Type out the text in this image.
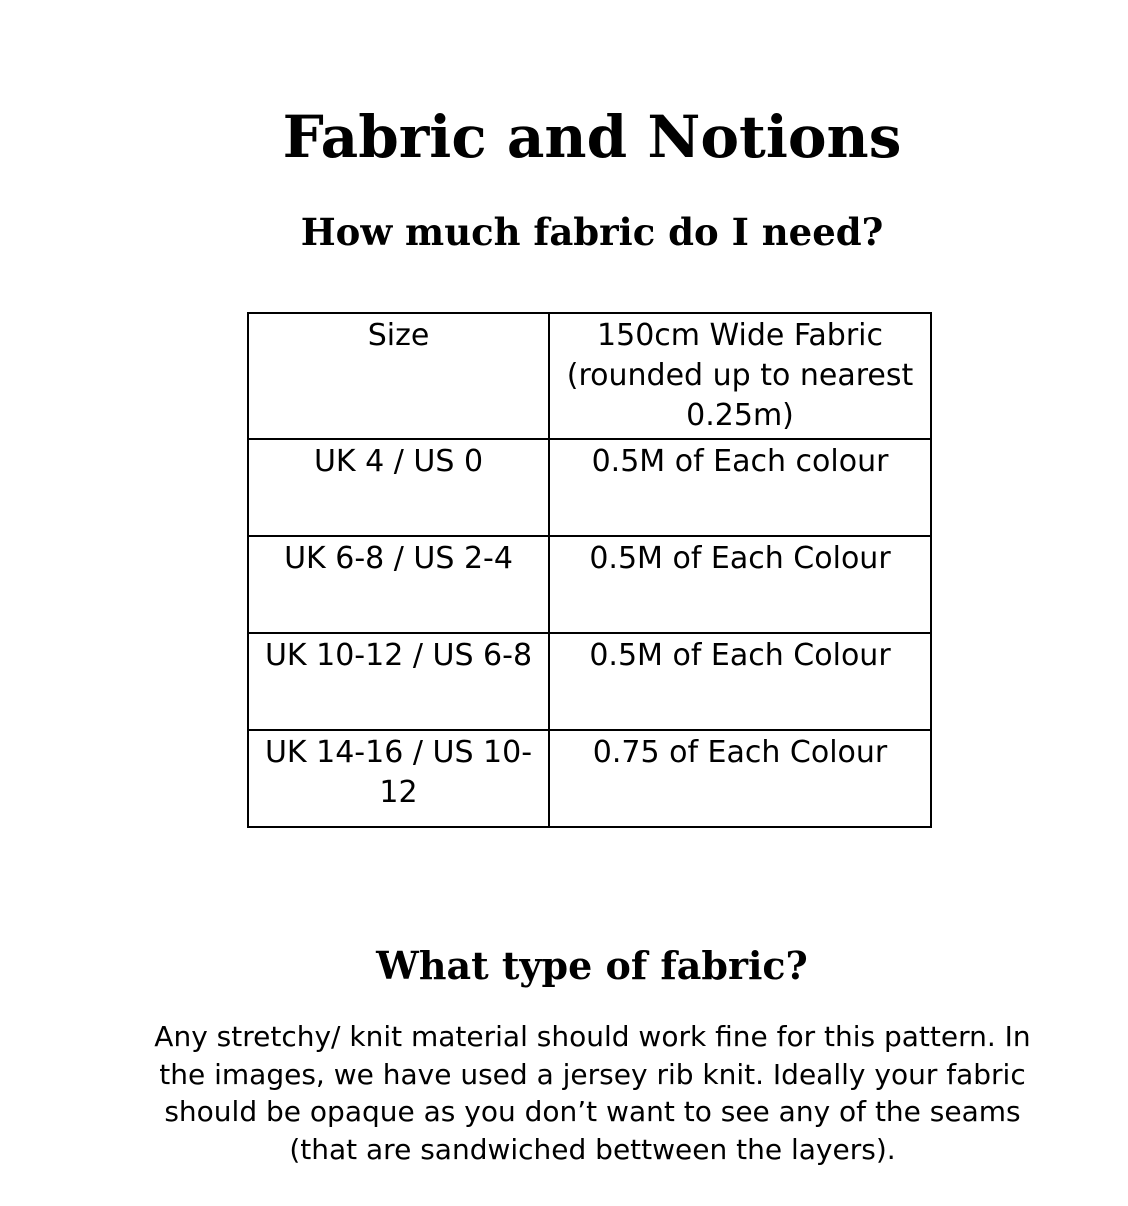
Fabric and Notions
How much fabric do I need?
Size	150cm Wide Fabric (rounded up to nearest 0.25m)
UK 4 / US 0	0.5M of Each colour
UK 6-8 / US 2-4	0.5M of Each Colour
UK 10-12 / US 6-8	0.5M of Each Colour
UK 14-16 / US 10-12	0.75 of Each Colour
What type of fabric?

Any stretchy/ knit material should work fine for this pattern. In the images, we have used a jersey rib knit. Ideally your fabric should be opaque as you don’t want to see any of the seams (that are sandwiched bettween the layers).
